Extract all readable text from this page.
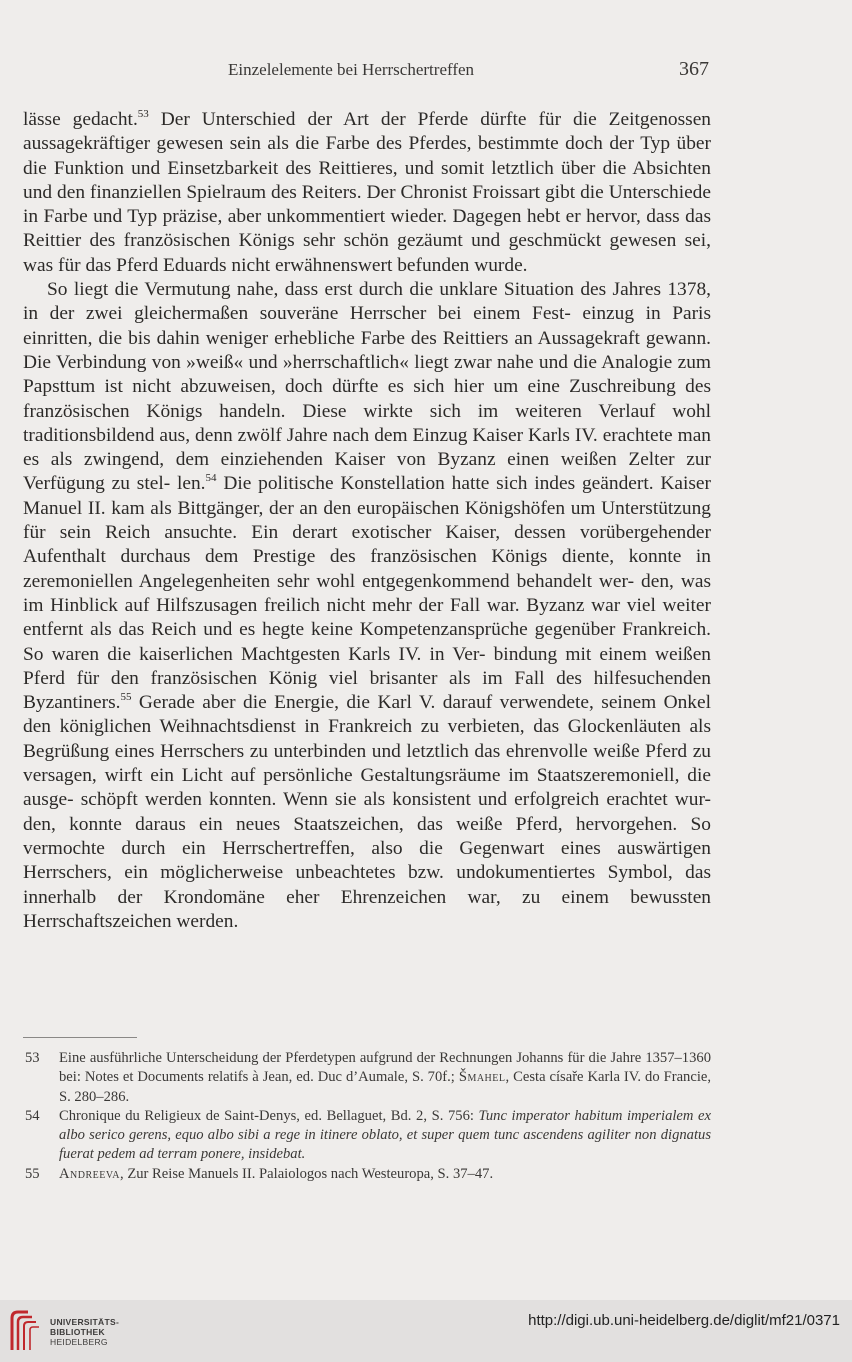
Einzelelemente bei Herrschertreffen	367

lässe gedacht.$^{53}$ Der Unterschied der Art der Pferde dürfte für die Zeitgenossen aussagekräftiger gewesen sein als die Farbe des Pferdes, bestimmte doch der Typ über die Funktion und Einsetzbarkeit des Reittieres, und somit letztlich über die Absichten und den finanziellen Spielraum des Reiters. Der Chronist Froissart gibt die Unterschiede in Farbe und Typ präzise, aber unkommentiert wieder. Dagegen hebt er hervor, dass das Reittier des französischen Königs sehr schön gezäumt und geschmückt gewesen sei, was für das Pferd Eduards nicht erwähnenswert befunden wurde.

So liegt die Vermutung nahe, dass erst durch die unklare Situation des Jahres 1378, in der zwei gleichermaßen souveräne Herrscher bei einem Fest- einzug in Paris einritten, die bis dahin weniger erhebliche Farbe des Reittiers an Aussagekraft gewann. Die Verbindung von »weiß« und »herrschaftlich« liegt zwar nahe und die Analogie zum Papsttum ist nicht abzuweisen, doch dürfte es sich hier um eine Zuschreibung des französischen Königs handeln. Diese wirkte sich im weiteren Verlauf wohl traditionsbildend aus, denn zwölf Jahre nach dem Einzug Kaiser Karls IV. erachtete man es als zwingend, dem einziehenden Kaiser von Byzanz einen weißen Zelter zur Verfügung zu stel- len.$^{54}$ Die politische Konstellation hatte sich indes geändert. Kaiser Manuel II. kam als Bittgänger, der an den europäischen Königshöfen um Unterstützung für sein Reich ansuchte. Ein derart exotischer Kaiser, dessen vorübergehender Aufenthalt durchaus dem Prestige des französischen Königs diente, konnte in zeremoniellen Angelegenheiten sehr wohl entgegenkommend behandelt wer- den, was im Hinblick auf Hilfszusagen freilich nicht mehr der Fall war. Byzanz war viel weiter entfernt als das Reich und es hegte keine Kompetenzansprüche gegenüber Frankreich. So waren die kaiserlichen Machtgesten Karls IV. in Ver- bindung mit einem weißen Pferd für den französischen König viel brisanter als im Fall des hilfesuchenden Byzantiners.$^{55}$ Gerade aber die Energie, die Karl V. darauf verwendete, seinem Onkel den königlichen Weihnachtsdienst in Frankreich zu verbieten, das Glockenläuten als Begrüßung eines Herrschers zu unterbinden und letztlich das ehrenvolle weiße Pferd zu versagen, wirft ein Licht auf persönliche Gestaltungsräume im Staatszeremoniell, die ausge- schöpft werden konnten. Wenn sie als konsistent und erfolgreich erachtet wur- den, konnte daraus ein neues Staatszeichen, das weiße Pferd, hervorgehen. So vermochte durch ein Herrschertreffen, also die Gegenwart eines auswärtigen Herrschers, ein möglicherweise unbeachtetes bzw. undokumentiertes Symbol, das innerhalb der Krondomäne eher Ehrenzeichen war, zu einem bewussten Herrschaftszeichen werden.

53 Eine ausführliche Unterscheidung der Pferdetypen aufgrund der Rechnungen Johanns für die Jahre 1357–1360 bei: Notes et Documents relatifs à Jean, ed. Duc d’Aumale, S. 70f.; Šmahel, Cesta císaře Karla IV. do Francie, S. 280–286.
54 Chronique du Religieux de Saint-Denys, ed. Bellaguet, Bd. 2, S. 756: Tunc imperator habitum imperialem ex albo serico gerens, equo albo sibi a rege in itinere oblato, et super quem tunc ascendens agiliter non dignatus fuerat pedem ad terram ponere, insidebat.
55 Andreeva, Zur Reise Manuels II. Palaiologos nach Westeuropa, S. 37–47.
UNIVERSITÄTS-
BIBLIOTHEK
HEIDELBERG
http://digi.ub.uni-heidelberg.de/diglit/mf21/0371
